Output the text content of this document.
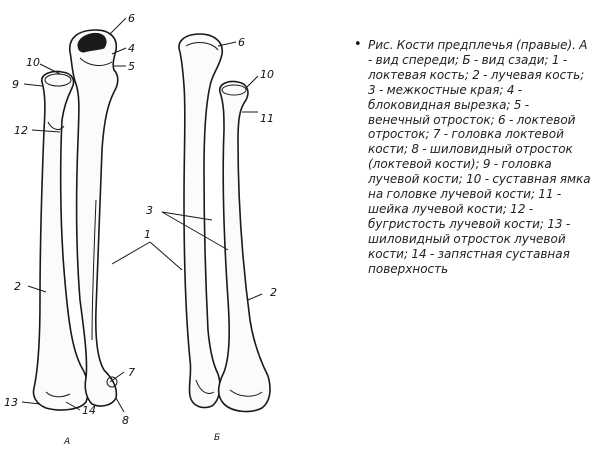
6
4
5
10
9
12
2
7
13
14
8
А
6
10
11
2
Б
1
3
• Рис. Кости предплечья (правые). А - вид спереди; Б - вид сзади; 1 - локтевая кость; 2 - лучевая кость; 3 - межкостные края; 4 - блоковидная вырезка; 5 - венечный отросток; 6 - локтевой отросток; 7 - головка локтевой кости; 8 - шиловидный отросток (локтевой кости); 9 - головка лучевой кости; 10 - суставная ямка на головке лучевой кости; 11 - шейка лучевой кости; 12 - бугристость лучевой кости; 13 - шиловидный отросток лучевой кости; 14 - запястная суставная поверхность
